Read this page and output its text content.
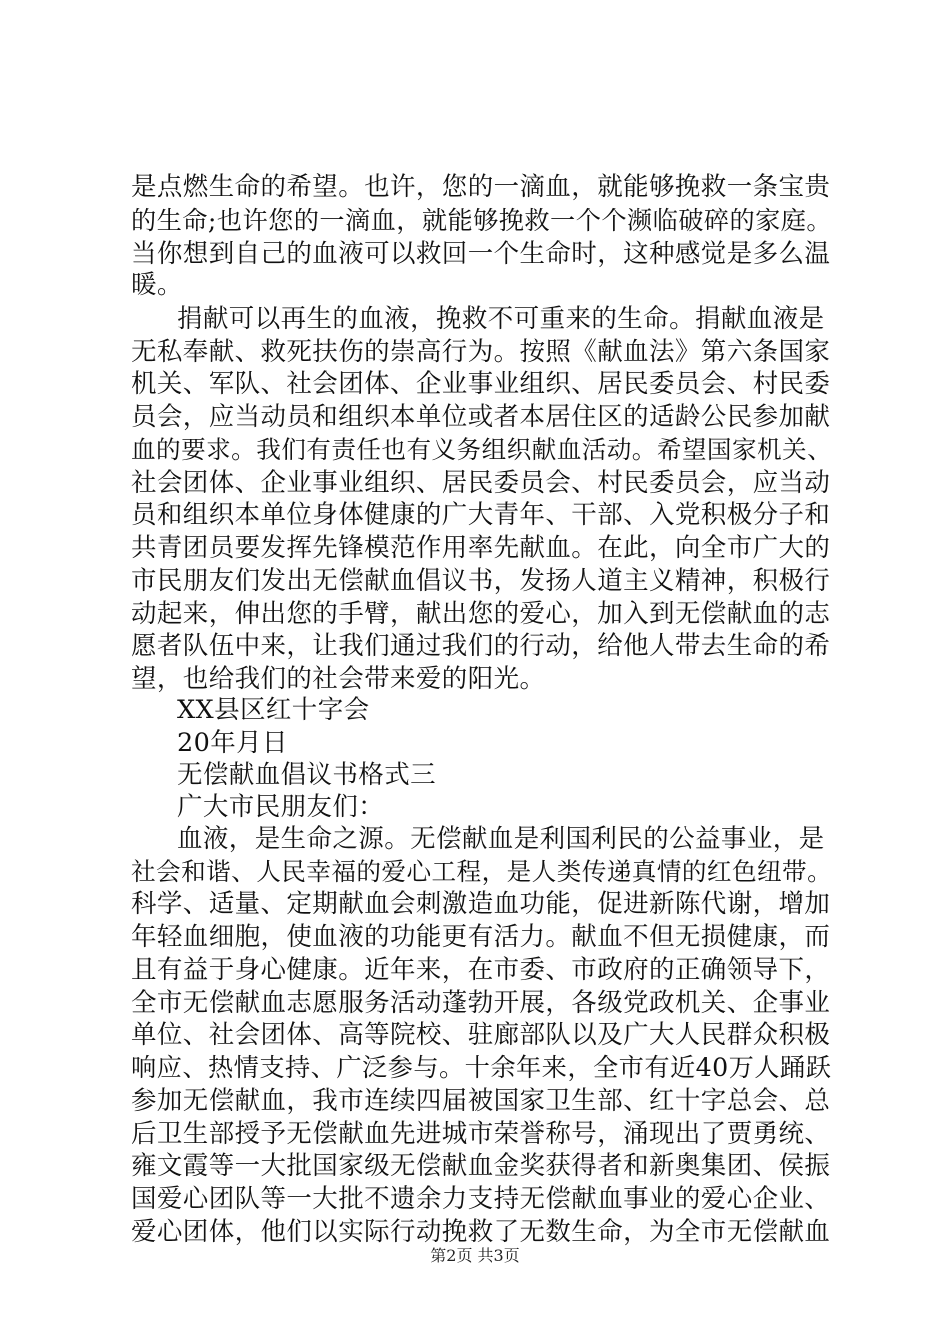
是点燃生命的希望。也许，您的一滴血，就能够挽救一条宝贵
的生命;也许您的一滴血，就能够挽救一个个濒临破碎的家庭。
当你想到自己的血液可以救回一个生命时，这种感觉是多么温
暖。
捐献可以再生的血液，挽救不可重来的生命。捐献血液是
无私奉献、救死扶伤的崇高行为。按照《献血法》第六条国家
机关、军队、社会团体、企业事业组织、居民委员会、村民委
员会，应当动员和组织本单位或者本居住区的适龄公民参加献
血的要求。我们有责任也有义务组织献血活动。希望国家机关、
社会团体、企业事业组织、居民委员会、村民委员会，应当动
员和组织本单位身体健康的广大青年、干部、入党积极分子和
共青团员要发挥先锋模范作用率先献血。在此，向全市广大的
市民朋友们发出无偿献血倡议书，发扬人道主义精神，积极行
动起来，伸出您的手臂，献出您的爱心，加入到无偿献血的志
愿者队伍中来，让我们通过我们的行动，给他人带去生命的希
望，也给我们的社会带来爱的阳光。
XX县区红十字会
20年月日
无偿献血倡议书格式三
广大市民朋友们：
血液，是生命之源。无偿献血是利国利民的公益事业，是
社会和谐、人民幸福的爱心工程，是人类传递真情的红色纽带。
科学、适量、定期献血会刺激造血功能，促进新陈代谢，增加
年轻血细胞，使血液的功能更有活力。献血不但无损健康，而
且有益于身心健康。近年来，在市委、市政府的正确领导下，
全市无偿献血志愿服务活动蓬勃开展，各级党政机关、企事业
单位、社会团体、高等院校、驻廊部队以及广大人民群众积极
响应、热情支持、广泛参与。十余年来，全市有近40万人踊跃
参加无偿献血，我市连续四届被国家卫生部、红十字总会、总
后卫生部授予无偿献血先进城市荣誉称号，涌现出了贾勇统、
雍文霞等一大批国家级无偿献血金奖获得者和新奥集团、侯振
国爱心团队等一大批不遗余力支持无偿献血事业的爱心企业、
爱心团体，他们以实际行动挽救了无数生命，为全市无偿献血
第2页 共3页
